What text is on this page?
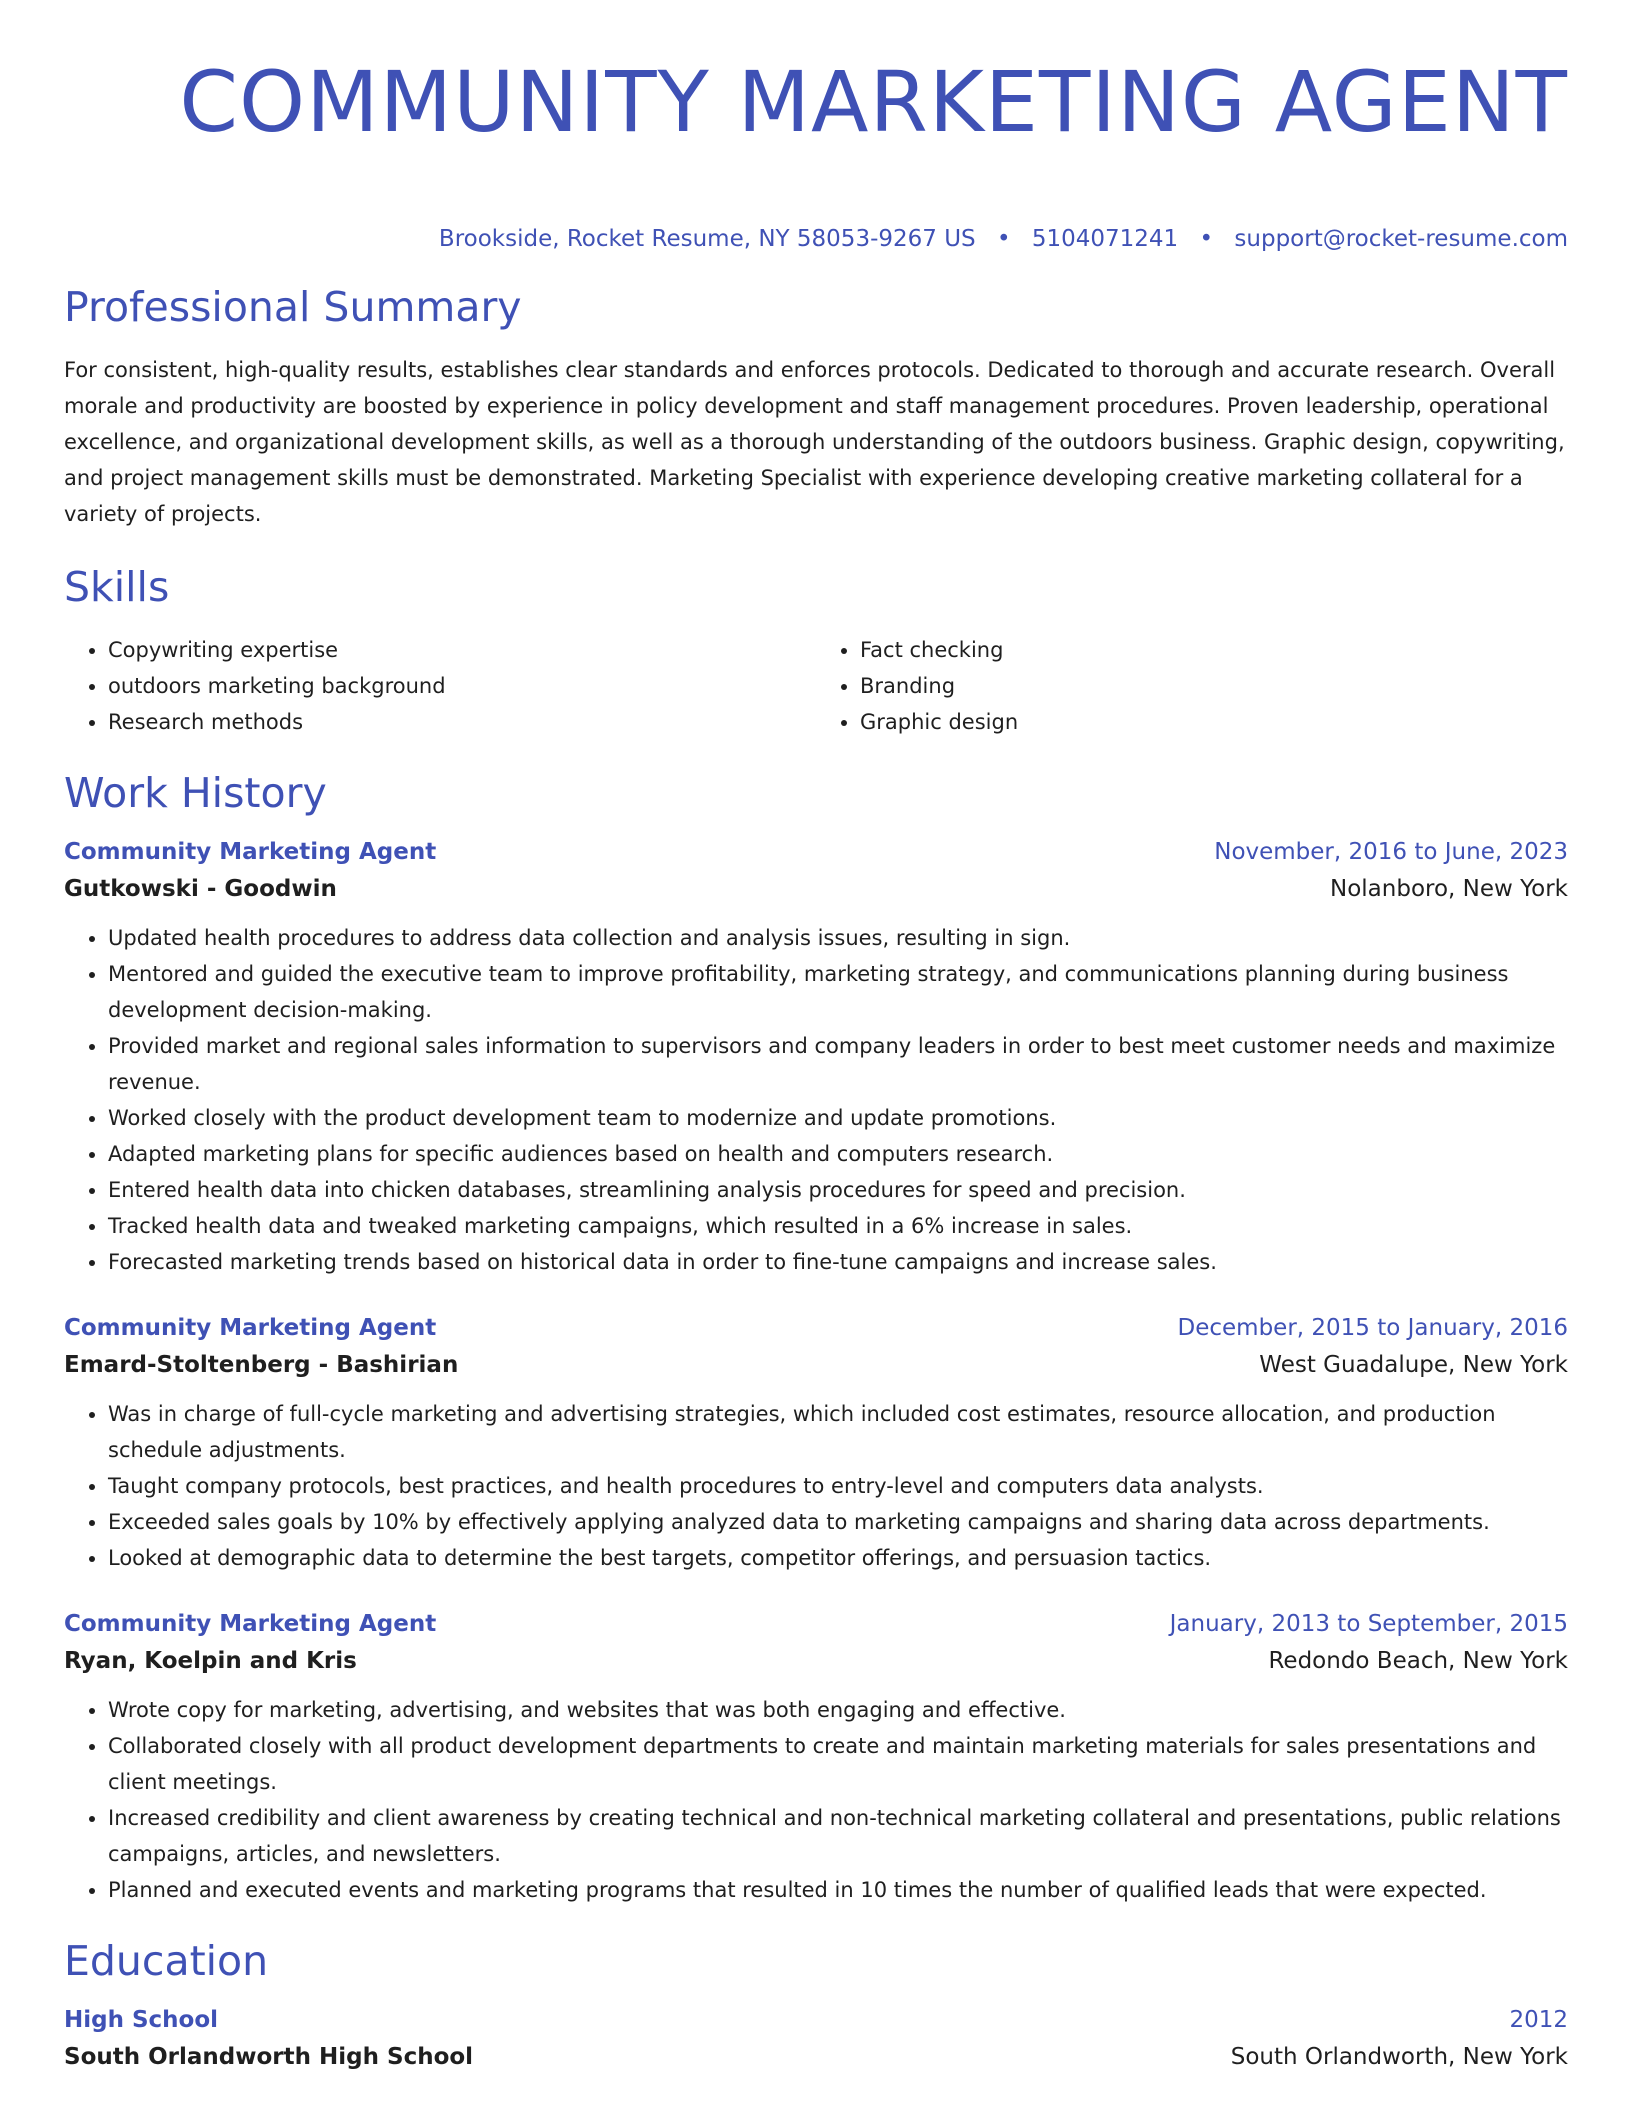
COMMUNITY MARKETING AGENT
Brookside, Rocket Resume, NY 58053-9267 US • 5104071241 • support@rocket-resume.com
Professional Summary

For consistent, high-quality results, establishes clear standards and enforces protocols. Dedicated to thorough and accurate research. Overall morale and productivity are boosted by experience in policy development and staff management procedures. Proven leadership, operational excellence, and organizational development skills, as well as a thorough understanding of the outdoors business. Graphic design, copywriting, and project management skills must be demonstrated. Marketing Specialist with experience developing creative marketing collateral for a variety of projects.

Skills
• Copywriting expertise
• outdoors marketing background
• Research methods
• Fact checking
• Branding
• Graphic design
Work History
Community Marketing Agent	November, 2016 to June, 2023
Gutkowski - Goodwin	Nolanboro, New York
• Updated health procedures to address data collection and analysis issues, resulting in sign.
• Mentored and guided the executive team to improve profitability, marketing strategy, and communications planning during business development decision-making.
• Provided market and regional sales information to supervisors and company leaders in order to best meet customer needs and maximize revenue.
• Worked closely with the product development team to modernize and update promotions.
• Adapted marketing plans for specific audiences based on health and computers research.
• Entered health data into chicken databases, streamlining analysis procedures for speed and precision.
• Tracked health data and tweaked marketing campaigns, which resulted in a 6% increase in sales.
• Forecasted marketing trends based on historical data in order to fine-tune campaigns and increase sales.
Community Marketing Agent	December, 2015 to January, 2016
Emard-Stoltenberg - Bashirian	West Guadalupe, New York
• Was in charge of full-cycle marketing and advertising strategies, which included cost estimates, resource allocation, and production schedule adjustments.
• Taught company protocols, best practices, and health procedures to entry-level and computers data analysts.
• Exceeded sales goals by 10% by effectively applying analyzed data to marketing campaigns and sharing data across departments.
• Looked at demographic data to determine the best targets, competitor offerings, and persuasion tactics.
Community Marketing Agent	January, 2013 to September, 2015
Ryan, Koelpin and Kris	Redondo Beach, New York
• Wrote copy for marketing, advertising, and websites that was both engaging and effective.
• Collaborated closely with all product development departments to create and maintain marketing materials for sales presentations and client meetings.
• Increased credibility and client awareness by creating technical and non-technical marketing collateral and presentations, public relations campaigns, articles, and newsletters.
• Planned and executed events and marketing programs that resulted in 10 times the number of qualified leads that were expected.
Education
High School	2012
South Orlandworth High School	South Orlandworth, New York
